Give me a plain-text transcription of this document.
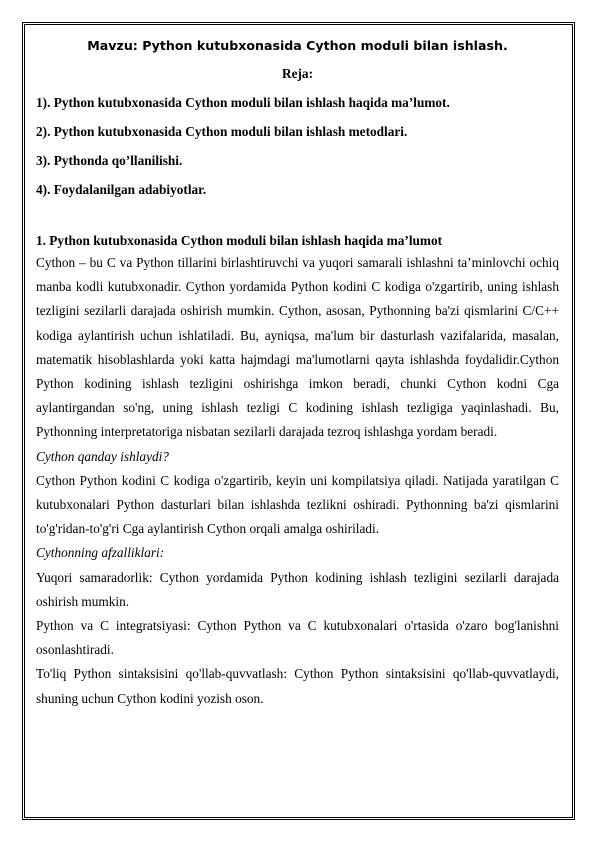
Mavzu: Python kutubxonasida Cython moduli bilan ishlash.

Reja:

1). Python kutubxonasida Cython moduli bilan ishlash haqida ma’lumot.
2). Python kutubxonasida Cython moduli bilan ishlash metodlari.
3). Pythonda qo’llanilishi.
4). Foydalanilgan adabiyotlar.

1. Python kutubxonasida Cython moduli bilan ishlash haqida ma’lumot

Cython – bu C va Python tillarini birlashtiruvchi va yuqori samarali ishlashni ta’minlovchi ochiq manba kodli kutubxonadir. Cython yordamida Python kodini C kodiga o'zgartirib, uning ishlash tezligini sezilarli darajada oshirish mumkin. Cython, asosan, Pythonning ba'zi qismlarini C/C++ kodiga aylantirish uchun ishlatiladi. Bu, ayniqsa, ma'lum bir dasturlash vazifalarida, masalan, matematik hisoblashlarda yoki katta hajmdagi ma'lumotlarni qayta ishlashda foydalidir.Cython Python kodining ishlash tezligini oshirishga imkon beradi, chunki Cython kodni Cga aylantirgandan so'ng, uning ishlash tezligi C kodining ishlash tezligiga yaqinlashadi. Bu, Pythonning interpretatoriga nisbatan sezilarli darajada tezroq ishlashga yordam beradi.

Cython qanday ishlaydi?

Cython Python kodini C kodiga o'zgartirib, keyin uni kompilatsiya qiladi. Natijada yaratilgan C kutubxonalari Python dasturlari bilan ishlashda tezlikni oshiradi. Pythonning ba'zi qismlarini to'g'ridan-to'g'ri Cga aylantirish Cython orqali amalga oshiriladi.

Cythonning afzalliklari:

Yuqori samaradorlik: Cython yordamida Python kodining ishlash tezligini sezilarli darajada oshirish mumkin.

Python va C integratsiyasi: Cython Python va C kutubxonalari o'rtasida o'zaro bog'lanishni osonlashtiradi.

To'liq Python sintaksisini qo'llab-quvvatlash: Cython Python sintaksisini qo'llab-quvvatlaydi, shuning uchun Cython kodini yozish oson.
